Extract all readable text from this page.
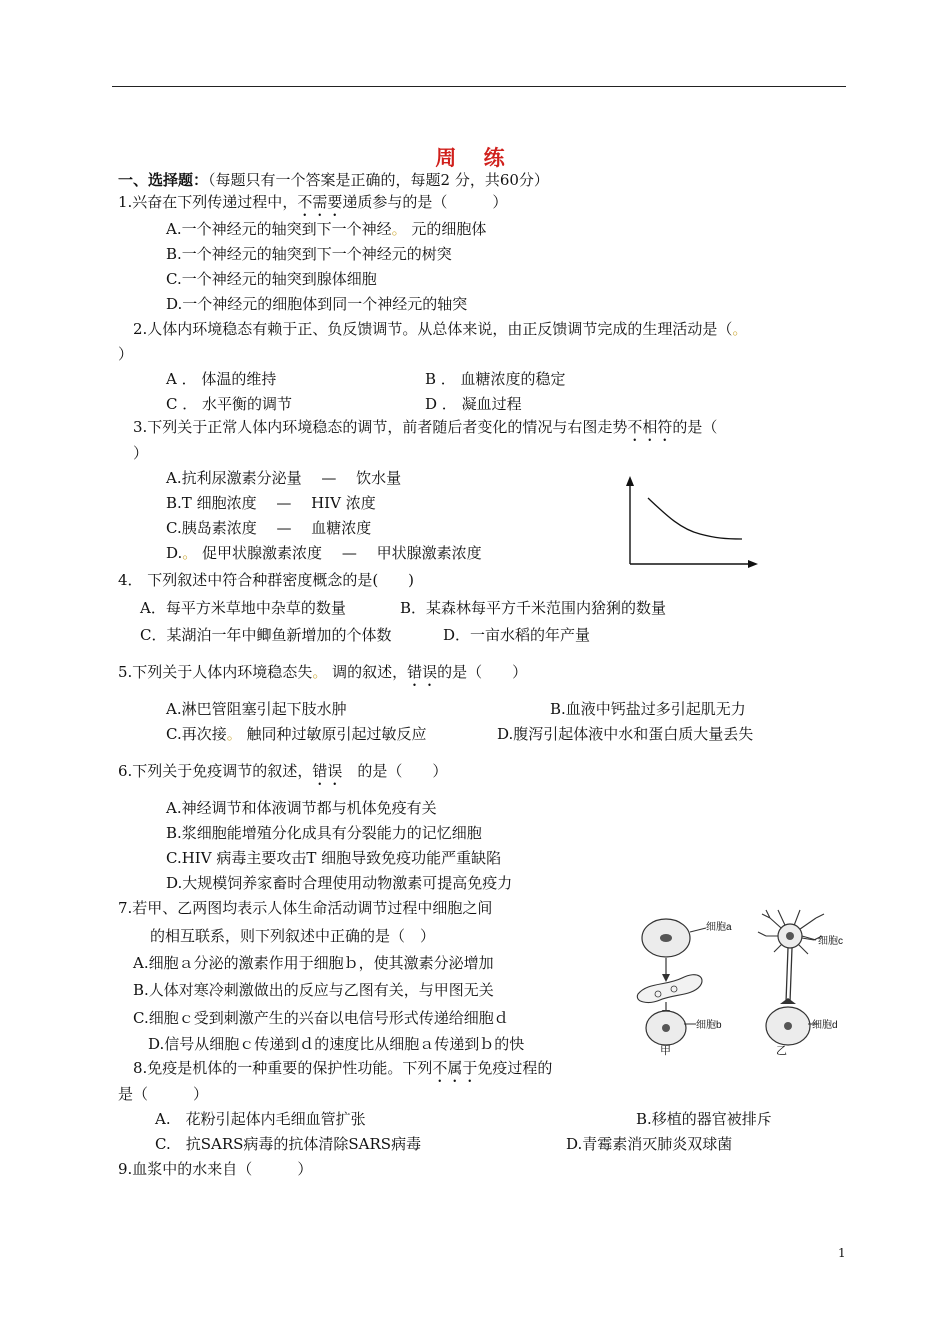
周 练
一、选择题：（每题只有一个答案是正确的，每题2 分，共60分）
1.兴奋在下列传递过程中，不需要递质参与的是（　　　）
A.一个神经元的轴突到下一个神经。 元的细胞体
B.一个神经元的轴突到下一个神经元的树突
C.一个神经元的轴突到腺体细胞
D.一个神经元的细胞体到同一个神经元的轴突
2.人体内环境稳态有赖于正、负反馈调节。从总体来说，由正反馈调节完成的生理活动是（。
）
A ． 体温的维持	B ． 血糖浓度的稳定
C ． 水平衡的调节	D ． 凝血过程
3.下列关于正常人体内环境稳态的调节，前者随后者变化的情况与右图走势不相符的是（
）
A.抗利尿激素分泌量　 —　 饮水量
B.T 细胞浓度　 —　 HIV 浓度
C.胰岛素浓度　 —　 血糖浓度
D.。 促甲状腺激素浓度　 —　 甲状腺激素浓度
4． 下列叙述中符合种群密度概念的是(　　)
A．每平方米草地中杂草的数量	B．某森林每平方千米范围内猞猁的数量
C．某湖泊一年中鲫鱼新增加的个体数	D．一亩水稻的年产量
5.下列关于人体内环境稳态失。 调的叙述，错误的是（　　）
A.淋巴管阻塞引起下肢水肿	B.血液中钙盐过多引起肌无力
C.再次接。 触同种过敏原引起过敏反应	D.腹泻引起体液中水和蛋白质大量丢失
6.下列关于免疫调节的叙述，错误　的是（　　）
A.神经调节和体液调节都与机体免疫有关
B.浆细胞能增殖分化成具有分裂能力的记忆细胞
C.HIV 病毒主要攻击T 细胞导致免疫功能严重缺陷
D.大规模饲养家畜时合理使用动物激素可提高免疫力
7.若甲、乙两图均表示人体生命活动调节过程中细胞之间
的相互联系，则下列叙述中正确的是（　）
A.细胞ａ分泌的激素作用于细胞ｂ，使其激素分泌增加
B.人体对寒冷刺激做出的反应与乙图有关，与甲图无关
C.细胞ｃ受到刺激产生的兴奋以电信号形式传递给细胞ｄ
D.信号从细胞ｃ传递到ｄ的速度比从细胞ａ传递到ｂ的快
细胞a
细胞b
甲
细胞c
细胞d
乙
8.免疫是机体的一种重要的保护性功能。下列不属于免疫过程的
是（　　　）
A.　花粉引起体内毛细血管扩张	B.移植的器官被排斥
C.　抗SARS病毒的抗体清除SARS病毒	D.青霉素消灭肺炎双球菌
9.血浆中的水来自（　　　）
1
